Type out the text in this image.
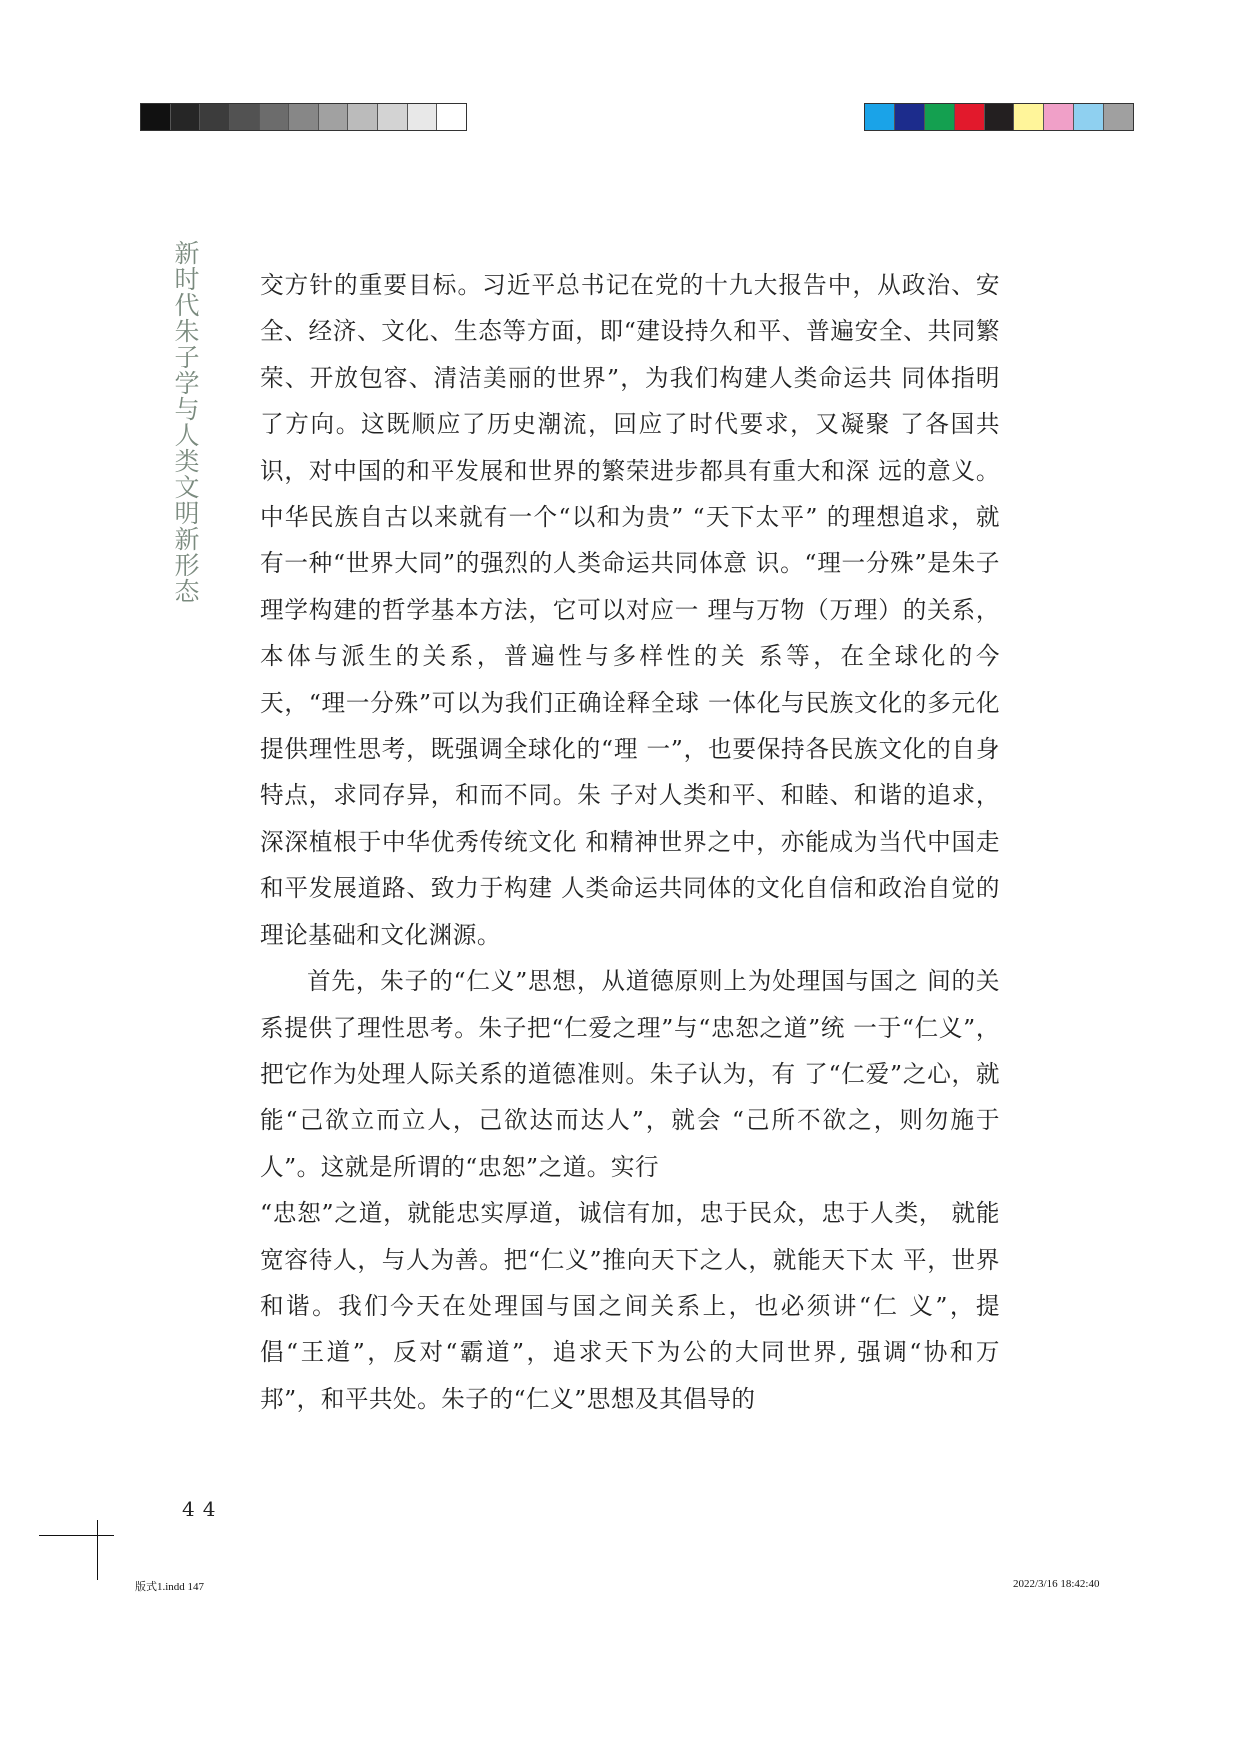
新时代朱子学与人类文明新形态	交方针的重要目标。习近平总书记在党的十九大报告中，从政治、安全、经济、文化、生态等方面，即“建设持久和平、普遍安全、共同繁荣、开放包容、清洁美丽的世界”，为我们构建人类命运共 同体指明了方向。这既顺应了历史潮流，回应了时代要求，又凝聚 了各国共识，对中国的和平发展和世界的繁荣进步都具有重大和深 远的意义。中华民族自古以来就有一个“以和为贵” “天下太平” 的理想追求，就有一种“世界大同”的强烈的人类命运共同体意 识。“理一分殊”是朱子理学构建的哲学基本方法，它可以对应一 理与万物（万理）的关系，本体与派生的关系，普遍性与多样性的关 系等，在全球化的今天，“理一分殊”可以为我们正确诠释全球 一体化与民族文化的多元化提供理性思考，既强调全球化的“理 一”，也要保持各民族文化的自身特点，求同存异，和而不同。朱 子对人类和平、和睦、和谐的追求，深深植根于中华优秀传统文化 和精神世界之中，亦能成为当代中国走和平发展道路、致力于构建 人类命运共同体的文化自信和政治自觉的理论基础和文化渊源。

首先，朱子的“仁义”思想，从道德原则上为处理国与国之 间的关系提供了理性思考。朱子把“仁爱之理”与“忠恕之道”统 一于“仁义”，把它作为处理人际关系的道德准则。朱子认为，有 了“仁爱”之心，就能“己欲立而立人，己欲达而达人”，就会 “己所不欲之，则勿施于人”。这就是所谓的“忠恕”之道。实行

“忠恕”之道，就能忠实厚道，诚信有加，忠于民众，忠于人类， 就能宽容待人，与人为善。把“仁义”推向天下之人，就能天下太 平，世界和谐。我们今天在处理国与国之间关系上，也必须讲“仁 义”，提倡“王道”，反对“霸道”，追求天下为公的大同世界, 强调“协和万邦”，和平共处。朱子的“仁义”思想及其倡导的

44
版式1.indd 147	2022/3/16 18:42:40
